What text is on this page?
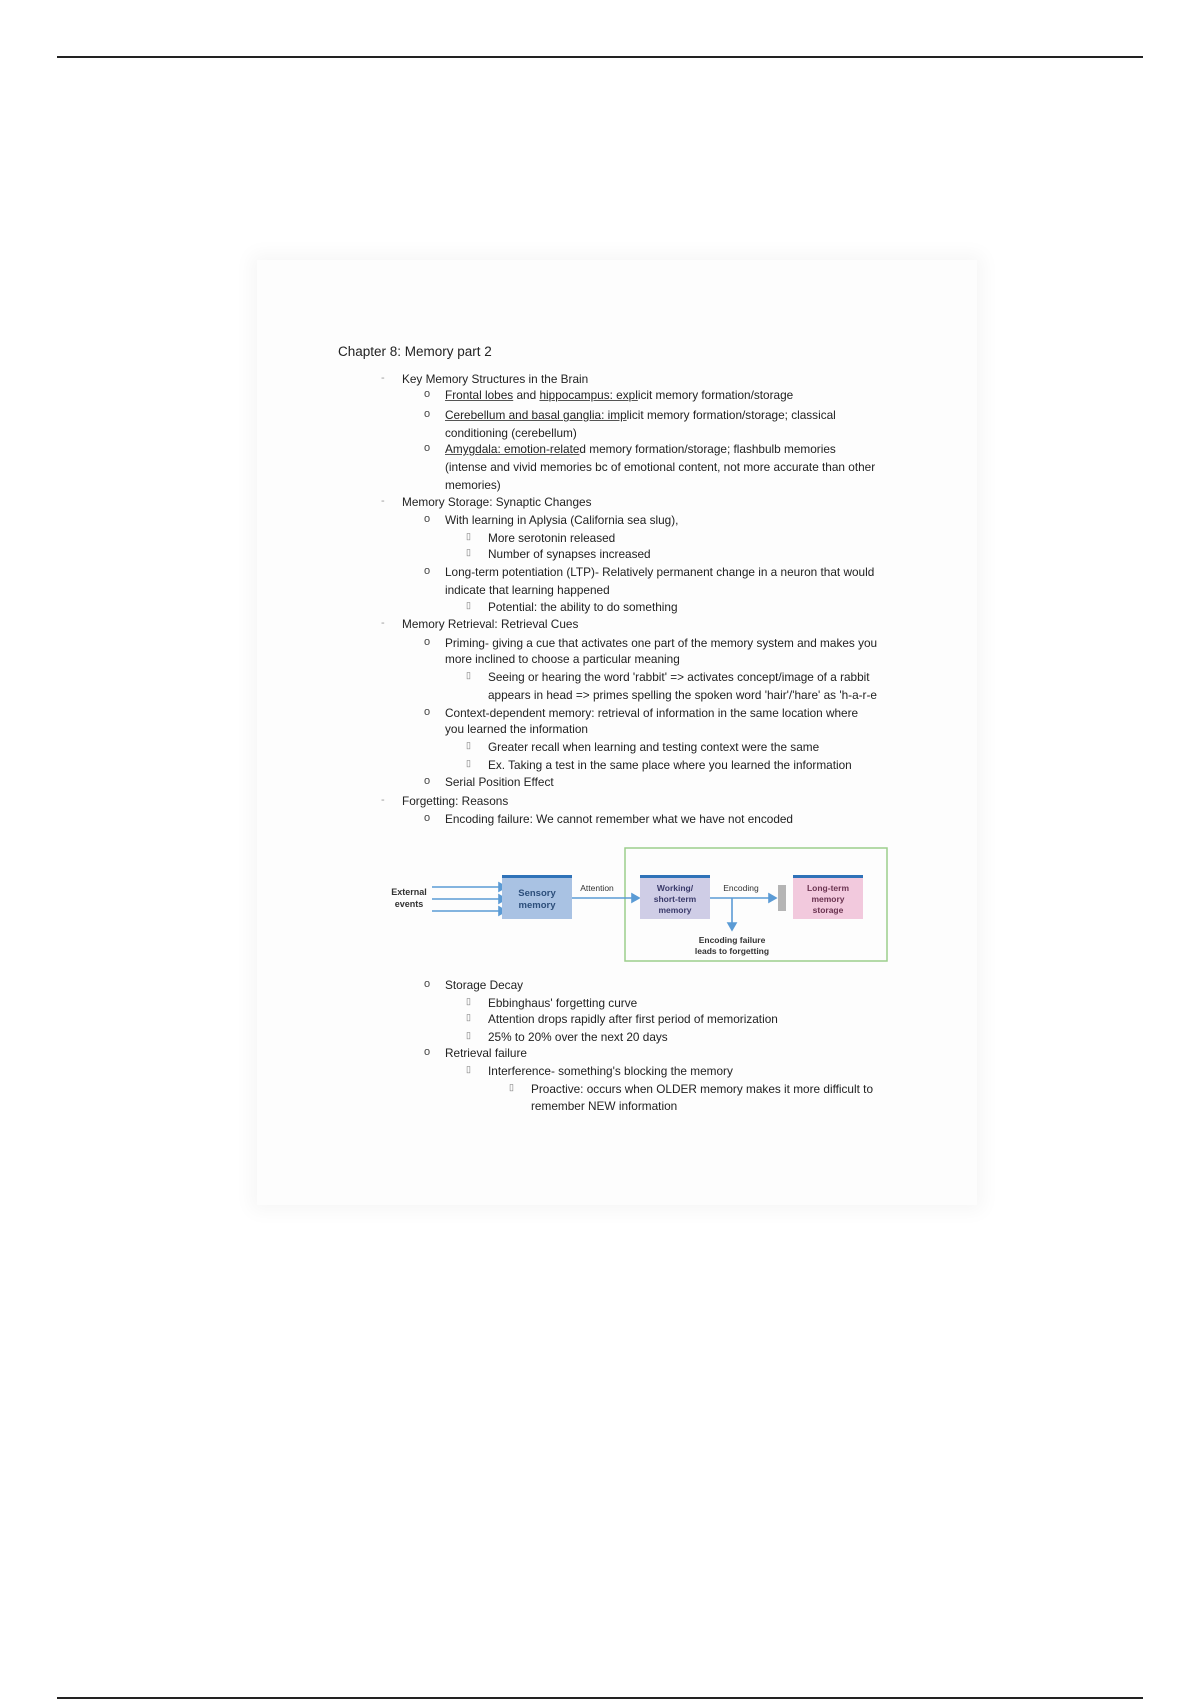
Chapter 8: Memory part 2
- Key Memory Structures in the Brain
o Frontal lobes and hippocampus: explicit memory formation/storage
o Cerebellum and basal ganglia: implicit memory formation/storage; classical
conditioning (cerebellum)
o Amygdala: emotion-related memory formation/storage; flashbulb memories
(intense and vivid memories bc of emotional content, not more accurate than other
memories)
- Memory Storage: Synaptic Changes
o With learning in Aplysia (California sea slug),
▯ More serotonin released
▯ Number of synapses increased
o Long-term potentiation (LTP)- Relatively permanent change in a neuron that would
indicate that learning happened
▯ Potential: the ability to do something
- Memory Retrieval: Retrieval Cues
o Priming- giving a cue that activates one part of the memory system and makes you
more inclined to choose a particular meaning
▯ Seeing or hearing the word 'rabbit' => activates concept/image of a rabbit
appears in head => primes spelling the spoken word 'hair'/'hare' as 'h-a-r-e
o Context-dependent memory: retrieval of information in the same location where
you learned the information
▯ Greater recall when learning and testing context were the same
▯ Ex. Taking a test in the same place where you learned the information
o Serial Position Effect
- Forgetting: Reasons
o Encoding failure: We cannot remember what we have not encoded
o Storage Decay
▯ Ebbinghaus' forgetting curve
▯ Attention drops rapidly after first period of memorization
▯ 25% to 20% over the next 20 days
o Retrieval failure
▯ Interference- something's blocking the memory
▯ Proactive: occurs when OLDER memory makes it more difficult to
remember NEW information
External
events
Sensory
memory
Attention	Working/
short-term
memory
Encoding	Long-term
memory
storage
Encoding failure
leads to forgetting
